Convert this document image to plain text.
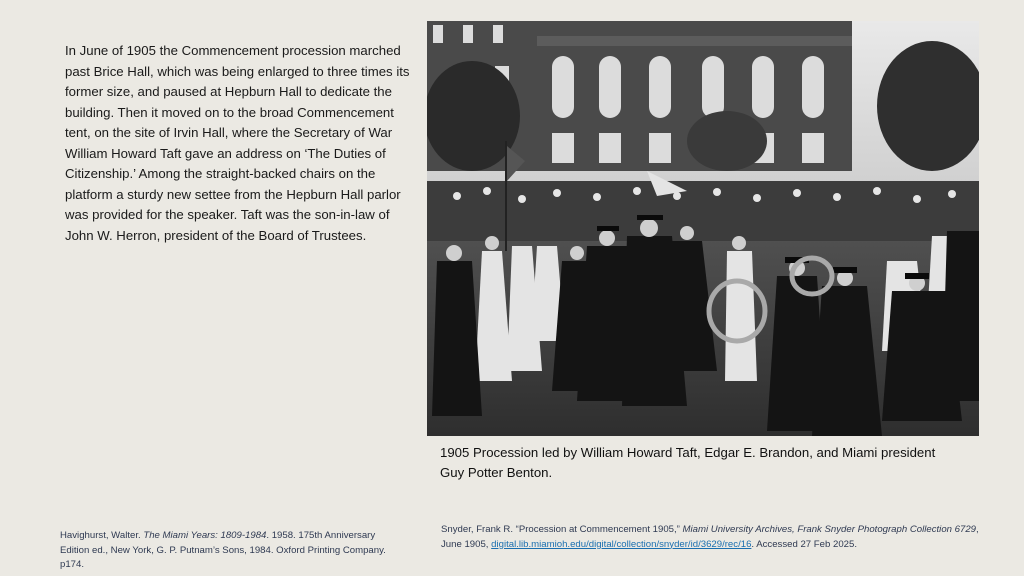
In June of 1905 the Commencement procession marched past Brice Hall, which was being enlarged to three times its former size, and paused at Hepburn Hall to dedicate the building. Then it moved on to the broad Commencement tent, on the site of Irvin Hall, where the Secretary of War William Howard Taft gave an address on ‘The Duties of Citizenship.’ Among the straight-backed chairs on the platform a sturdy new settee from the Hepburn Hall parlor was provided for the speaker. Taft was the son-in-law of John W. Herron, president of the Board of Trustees.

1905 Procession led by William Howard Taft, Edgar E. Brandon, and Miami president Guy Potter Benton.

Havighurst, Walter. The Miami Years: 1809-1984. 1958. 175th Anniversary Edition ed., New York, G. P. Putnam’s Sons, 1984. Oxford Printing Company. p174.

Snyder, Frank R. “Procession at Commencement 1905,” Miami University Archives, Frank Snyder Photograph Collection 6729, June 1905, digital.lib.miamioh.edu/digital/collection/snyder/id/3629/rec/16. Accessed 27 Feb 2025.
